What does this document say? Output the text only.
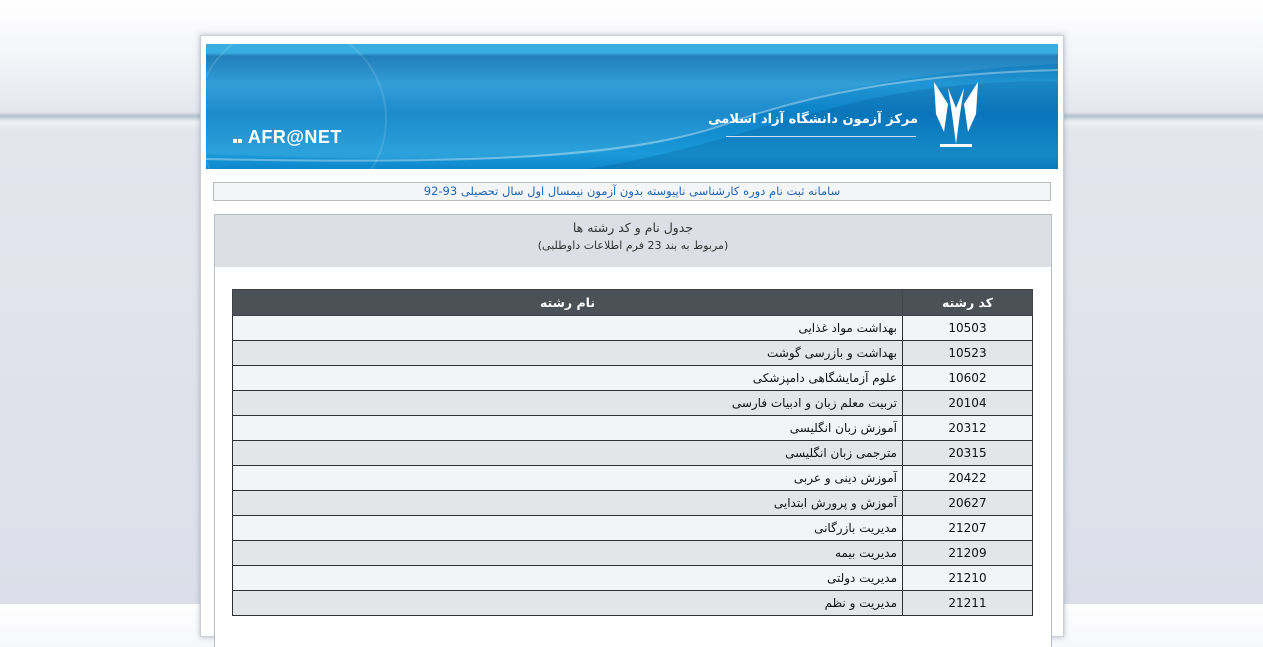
AFR@NET
مرکز آزمون دانشگاه آزاد اسلامی
سامانه ثبت نام دوره کارشناسی ناپیوسته بدون آزمون نیمسال اول سال تحصیلی 93-92
جدول نام و کد رشته ها
(مربوط به بند 23 فرم اطلاعات داوطلبی)
کد رشته	نام رشته
10503	بهداشت مواد غذایی
10523	بهداشت و بازرسی گوشت
10602	علوم آزمایشگاهی دامپزشکی
20104	تربیت معلم زبان و ادبیات فارسی
20312	آموزش زبان انگلیسی
20315	مترجمی زبان انگلیسی
20422	آموزش دینی و عربی
20627	آموزش و پرورش ابتدایی
21207	مدیریت بازرگانی
21209	مدیریت بیمه
21210	مدیریت دولتی
21211	مدیریت و نظم
